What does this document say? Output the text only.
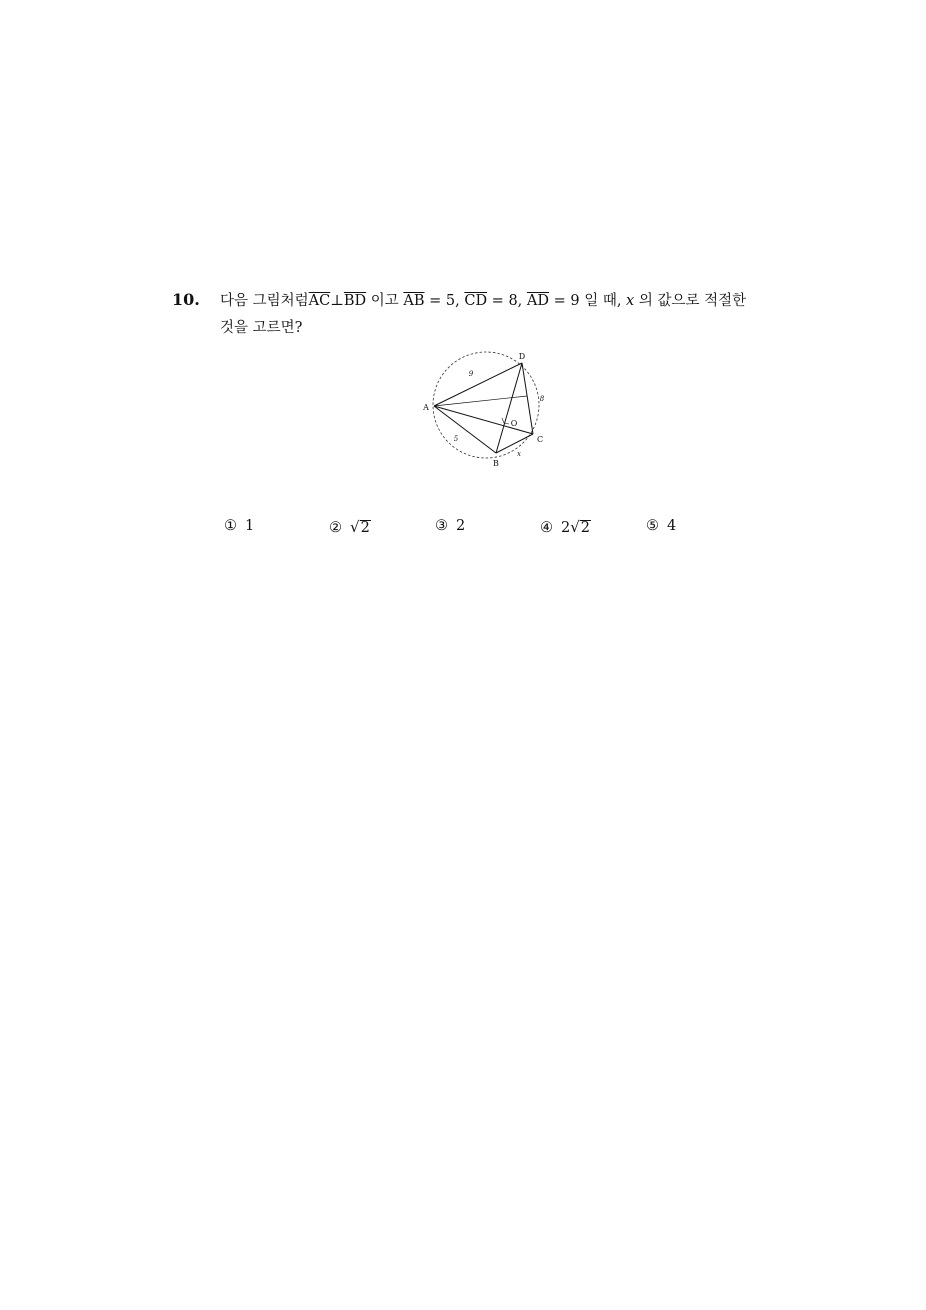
10. 다음 그림처럼$\overline{AC}\perp\overline{BD}$ 이고 $\overline{AB} = 5$, $\overline{CD} = 8$, $\overline{AD} = 9$ 일 때, x 의 값으로 적절한
것을 고르면?
D
A
O
C
B
9
8
5
x
① 1	② √2	③ 2	④ 2√2	⑤ 4
